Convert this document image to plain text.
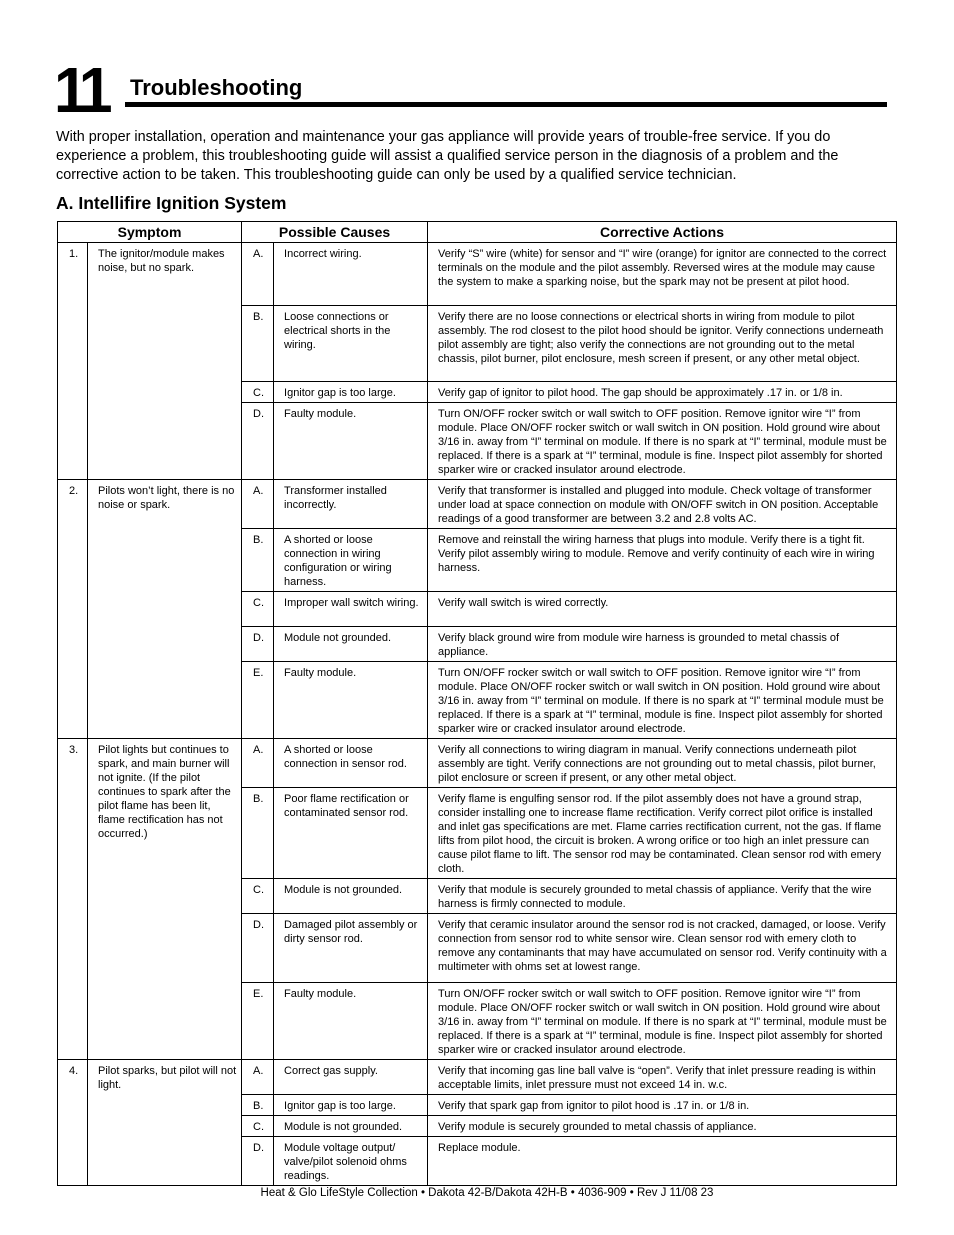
11 Troubleshooting

With proper installation, operation and maintenance your gas appliance will provide years of trouble-free service. If you do experience a problem, this troubleshooting guide will assist a qualified service person in the diagnosis of a problem and the corrective action to be taken. This troubleshooting guide can only be used by a qualified service technician.

A. Intellifire Ignition System
Symptom		Possible Causes		Corrective Actions
1.	The ignitor/module makes noise, but no spark.	A.	Incorrect wiring.	Verify “S” wire (white) for sensor and “I” wire (orange) for ignitor are connected to the correct terminals on the module and the pilot assembly. Reversed wires at the module may cause the system to make a sparking noise, but the spark may not be present at pilot hood.
		B.	Loose connections or electrical shorts in the wiring.	Verify there are no loose connections or electrical shorts in wiring from module to pilot assembly. The rod closest to the pilot hood should be ignitor. Verify connections underneath pilot assembly are tight; also verify the connections are not grounding out to the metal chassis, pilot burner, pilot enclosure, mesh screen if present, or any other metal object.
		C.	Ignitor gap is too large.	Verify gap of ignitor to pilot hood. The gap should be approximately .17 in. or 1/8 in.
		D.	Faulty module.	Turn ON/OFF rocker switch or wall switch to OFF position. Remove ignitor wire “I” from module. Place ON/OFF rocker switch or wall switch in ON position. Hold ground wire about 3/16 in. away from “I” terminal on module. If there is no spark at “I” terminal, module must be replaced. If there is a spark at “I” terminal, module is fine. Inspect pilot assembly for shorted sparker wire or cracked insulator around electrode.
2.	Pilots won’t light, there is no noise or spark.	A.	Transformer installed incorrectly.	Verify that transformer is installed and plugged into module. Check voltage of transformer under load at space connection on module with ON/OFF switch in ON position. Acceptable readings of a good transformer are between 3.2 and 2.8 volts AC.
		B.	A shorted or loose connection in wiring configuration or wiring harness.	Remove and reinstall the wiring harness that plugs into module. Verify there is a tight fit. Verify pilot assembly wiring to module. Remove and verify continuity of each wire in wiring harness.
		C.	Improper wall switch wiring.	Verify wall switch is wired correctly.
		D.	Module not grounded.	Verify black ground wire from module wire harness is grounded to metal chassis of appliance.
		E.	Faulty module.	Turn ON/OFF rocker switch or wall switch to OFF position. Remove ignitor wire “I” from module. Place ON/OFF rocker switch or wall switch in ON position. Hold ground wire about 3/16 in. away from “I” terminal on module. If there is no spark at “I” terminal module must be replaced. If there is a spark at “I” terminal, module is fine. Inspect pilot assembly for shorted sparker wire or cracked insulator around electrode.
3.	Pilot lights but continues to spark, and main burner will not ignite. (If the pilot continues to spark after the pilot flame has been lit, flame rectification has not occurred.)	A.	A shorted or loose connection in sensor rod.	Verify all connections to wiring diagram in manual. Verify connections underneath pilot assembly are tight. Verify connections are not grounding out to metal chassis, pilot burner, pilot enclosure or screen if present, or any other metal object.
		B.	Poor flame rectification or contaminated sensor rod.	Verify flame is engulfing sensor rod. If the pilot assembly does not have a ground strap, consider installing one to increase flame rectification. Verify correct pilot orifice is installed and inlet gas specifications are met. Flame carries rectification current, not the gas. If flame lifts from pilot hood, the circuit is broken. A wrong orifice or too high an inlet pressure can cause pilot flame to lift. The sensor rod may be contaminated. Clean sensor rod with emery cloth.
		C.	Module is not grounded.	Verify that module is securely grounded to metal chassis of appliance. Verify that the wire harness is firmly connected to module.
		D.	Damaged pilot assembly or dirty sensor rod.	Verify that ceramic insulator around the sensor rod is not cracked, damaged, or loose. Verify connection from sensor rod to white sensor wire. Clean sensor rod with emery cloth to remove any contaminants that may have accumulated on sensor rod. Verify continuity with a multimeter with ohms set at lowest range.
		E.	Faulty module.	Turn ON/OFF rocker switch or wall switch to OFF position. Remove ignitor wire “I” from module. Place ON/OFF rocker switch or wall switch in ON position. Hold ground wire about 3/16 in. away from “I” terminal on module. If there is no spark at “I” terminal, module must be replaced. If there is a spark at “I” terminal, module is fine. Inspect pilot assembly for shorted sparker wire or cracked insulator around electrode.
4.	Pilot sparks, but pilot will not light.	A.	Correct gas supply.	Verify that incoming gas line ball valve is “open”. Verify that inlet pressure reading is within acceptable limits, inlet pressure must not exceed 14 in. w.c.
		B.	Ignitor gap is too large.	Verify that spark gap from ignitor to pilot hood is .17 in. or 1/8 in.
		C.	Module is not grounded.	Verify module is securely grounded to metal chassis of appliance.
		D.	Module voltage output/ valve/pilot solenoid ohms readings.	Replace module.
Heat & Glo LifeStyle Collection • Dakota 42-B/Dakota 42H-B • 4036-909 • Rev J 11/08 23
